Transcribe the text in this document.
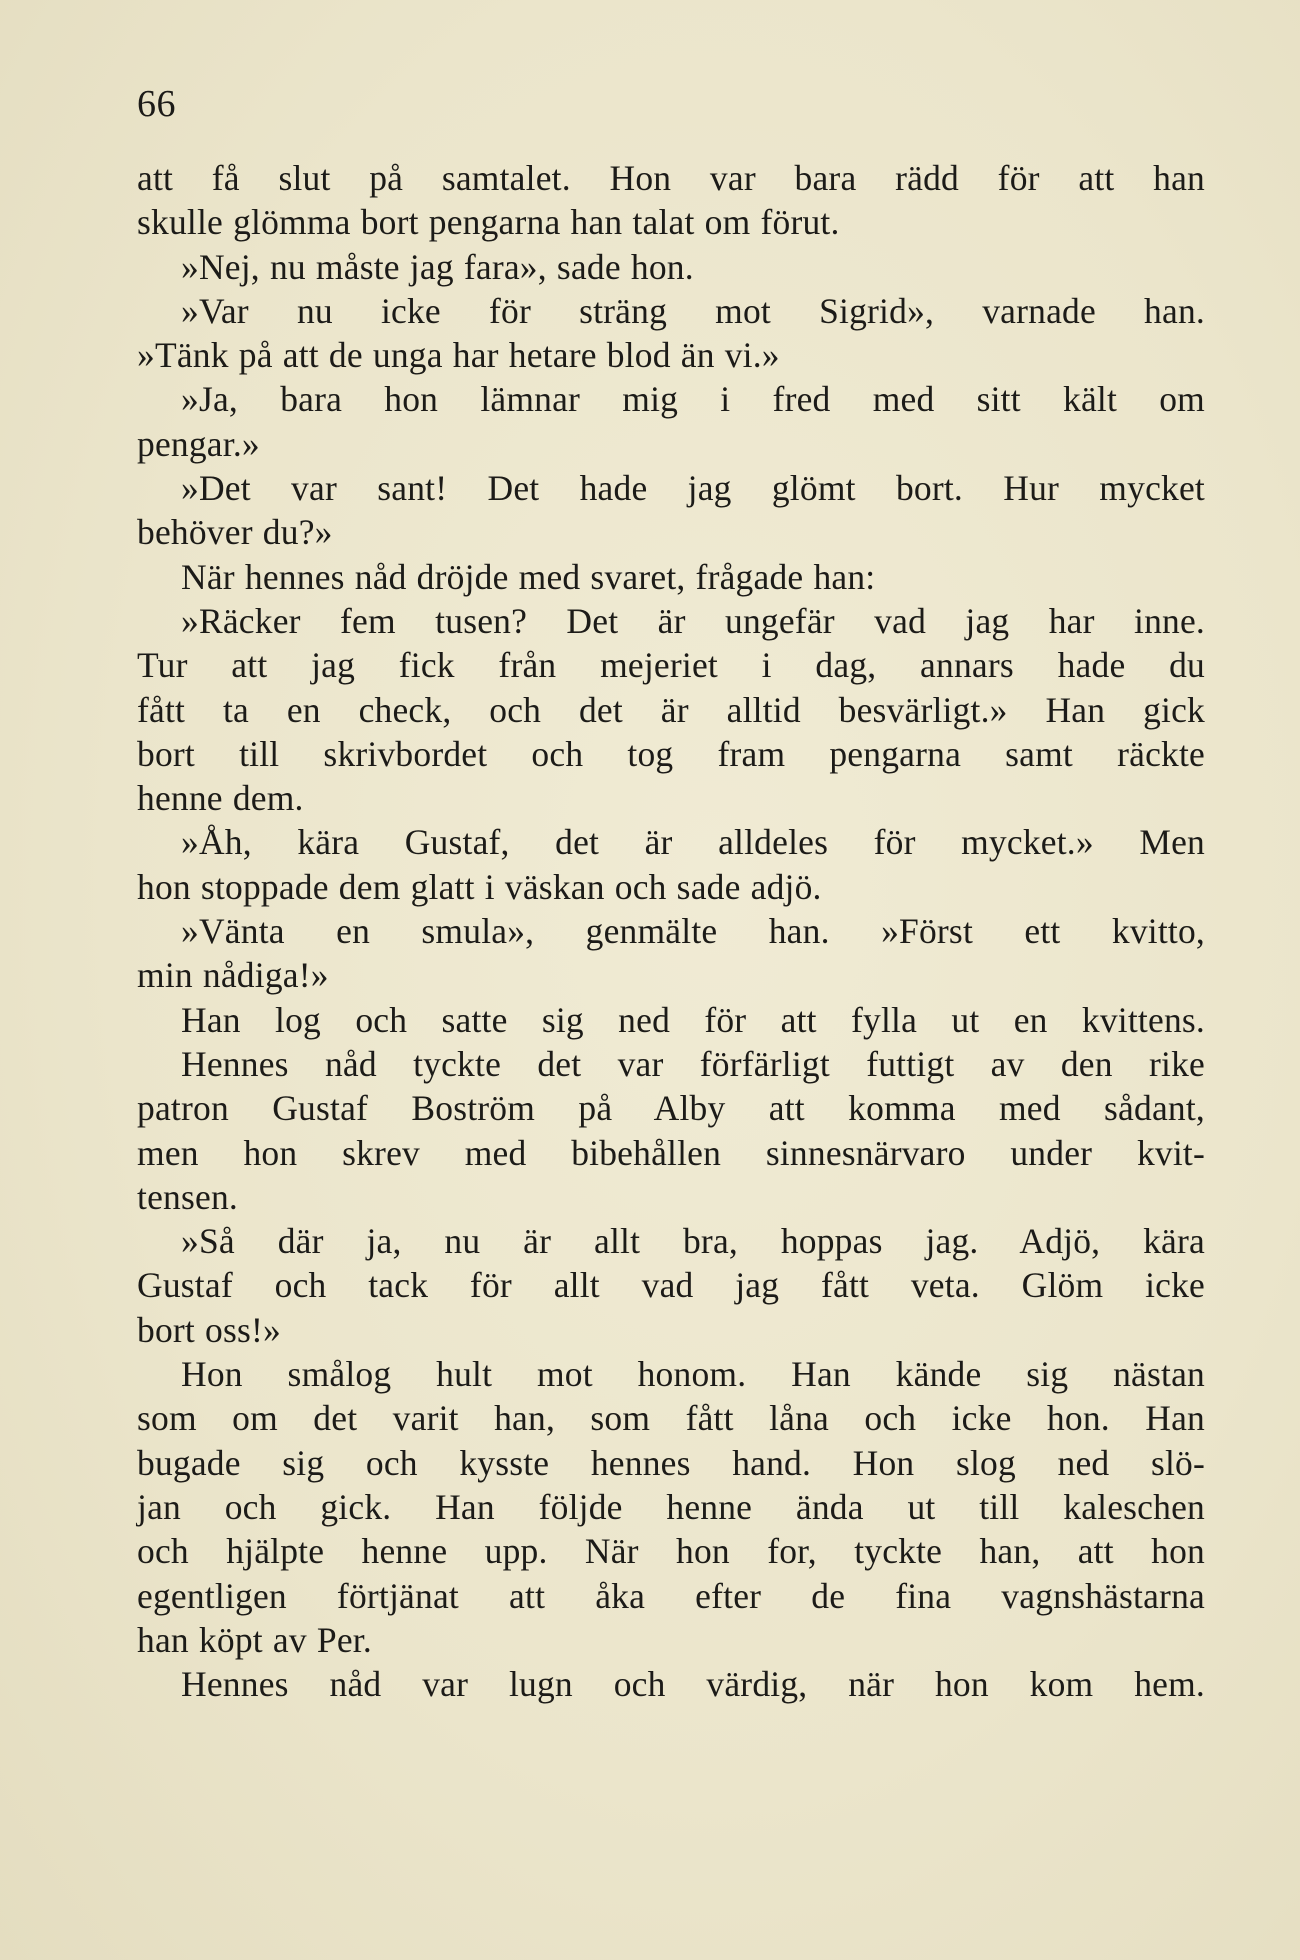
66
att få slut på samtalet. Hon var bara rädd för att han
skulle glömma bort pengarna han talat om förut.
»Nej, nu måste jag fara», sade hon.
»Var nu icke för sträng mot Sigrid», varnade han.
»Tänk på att de unga har hetare blod än vi.»
»Ja, bara hon lämnar mig i fred med sitt kält om
pengar.»
»Det var sant! Det hade jag glömt bort. Hur mycket
behöver du?»
När hennes nåd dröjde med svaret, frågade han:
»Räcker fem tusen? Det är ungefär vad jag har inne.
Tur att jag fick från mejeriet i dag, annars hade du
fått ta en check, och det är alltid besvärligt.» Han gick
bort till skrivbordet och tog fram pengarna samt räckte
henne dem.
»Åh, kära Gustaf, det är alldeles för mycket.» Men
hon stoppade dem glatt i väskan och sade adjö.
»Vänta en smula», genmälte han. »Först ett kvitto,
min nådiga!»
Han log och satte sig ned för att fylla ut en kvittens.
Hennes nåd tyckte det var förfärligt futtigt av den rike
patron Gustaf Boström på Alby att komma med sådant,
men hon skrev med bibehållen sinnesnärvaro under kvit-
tensen.
»Så där ja, nu är allt bra, hoppas jag. Adjö, kära
Gustaf och tack för allt vad jag fått veta. Glöm icke
bort oss!»
Hon smålog hult mot honom. Han kände sig nästan
som om det varit han, som fått låna och icke hon. Han
bugade sig och kysste hennes hand. Hon slog ned slö-
jan och gick. Han följde henne ända ut till kaleschen
och hjälpte henne upp. När hon for, tyckte han, att hon
egentligen förtjänat att åka efter de fina vagnshästarna
han köpt av Per.
Hennes nåd var lugn och värdig, när hon kom hem.
